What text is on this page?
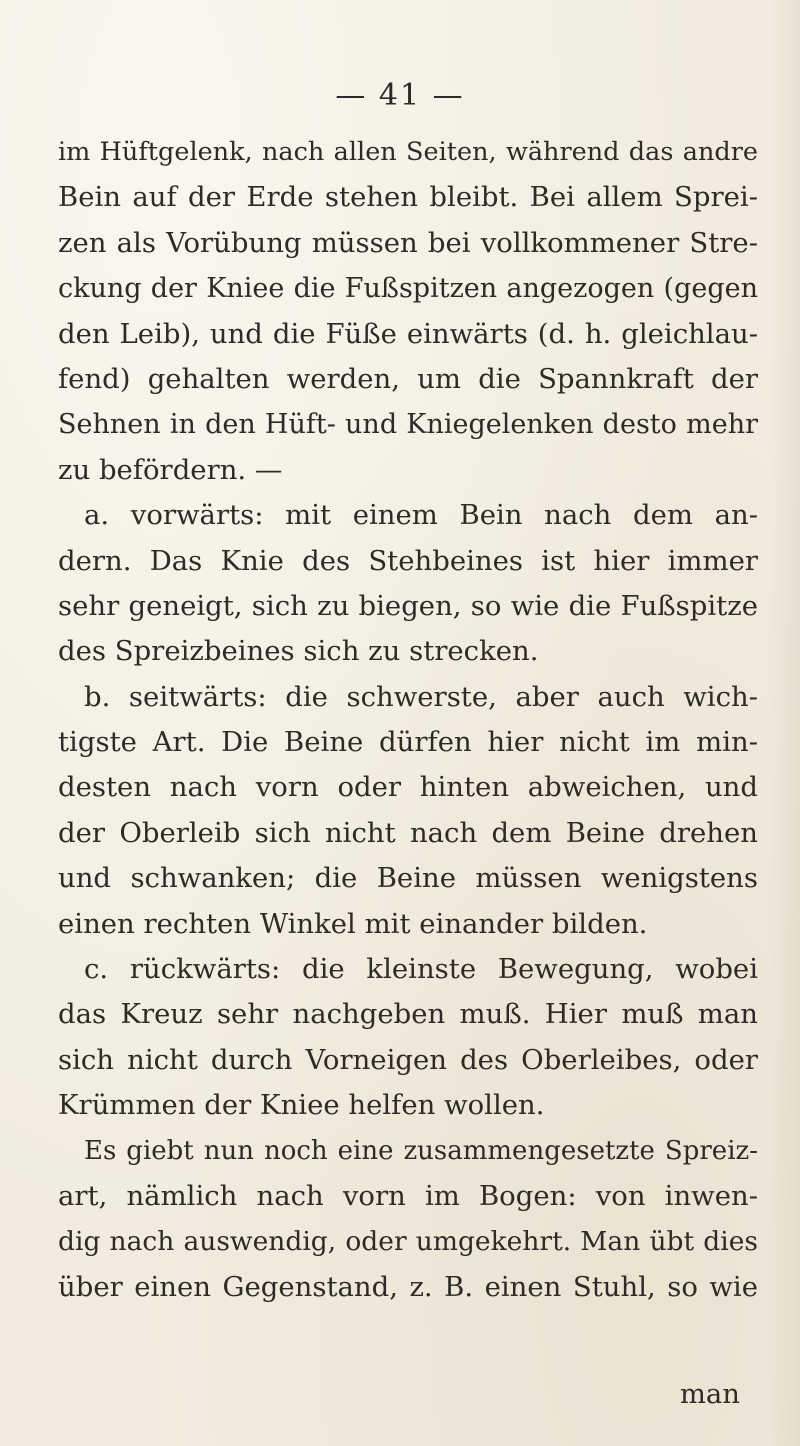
— 41 —
im Hüftgelenk, nach allen Seiten, während das andre
Bein auf der Erde stehen bleibt. Bei allem Sprei-
zen als Vorübung müssen bei vollkommener Stre-
ckung der Kniee die Fußspitzen angezogen (gegen
den Leib), und die Füße einwärts (d. h. gleichlau-
fend) gehalten werden, um die Spannkraft der
Sehnen in den Hüft- und Kniegelenken desto mehr
zu befördern. —
a. vorwärts: mit einem Bein nach dem an-
dern. Das Knie des Stehbeines ist hier immer
sehr geneigt, sich zu biegen, so wie die Fußspitze
des Spreizbeines sich zu strecken.
b. seitwärts: die schwerste, aber auch wich-
tigste Art. Die Beine dürfen hier nicht im min-
desten nach vorn oder hinten abweichen, und
der Oberleib sich nicht nach dem Beine drehen
und schwanken; die Beine müssen wenigstens
einen rechten Winkel mit einander bilden.
c. rückwärts: die kleinste Bewegung, wobei
das Kreuz sehr nachgeben muß. Hier muß man
sich nicht durch Vorneigen des Oberleibes, oder
Krümmen der Kniee helfen wollen.
Es giebt nun noch eine zusammengesetzte Spreiz-
art, nämlich nach vorn im Bogen: von inwen-
dig nach auswendig, oder umgekehrt. Man übt dies
über einen Gegenstand, z. B. einen Stuhl, so wie
man
